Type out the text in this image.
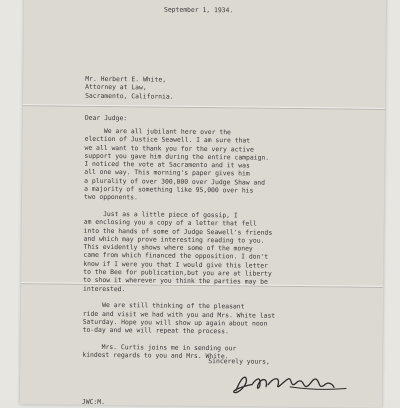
September 1, 1934.

Mr. Herbert E. White,
Attorney at Law,
Sacramento, California.

Dear Judge:

We are all jubilant here over the
election of Justice Seawell. I am sure that
we all want to thank you for the very active
support you gave him during the entire campaign.
I noticed the vote at Sacramento and it was
all one way. This morning's paper gives him
a plurality of over 300,000 over Judge Shaw and
a majority of something like 95,000 over his
two opponents.
Just as a little piece of gossip, I
am enclosing you a copy of a letter that fell
into the hands of some of Judge Seawell's friends
and which may prove interesting reading to you.
This evidently shows where some of the money
came from which financed the opposition. I don't
know if I were you that I would give this letter
to the Bee for publication,but you are at liberty
to show it wherever you think the parties may be
interested.
We are still thinking of the pleasant
ride and visit we had with you and Mrs. White last
Saturday. Hope you will show up again about noon
to-day and we will repeat the process.
Mrs. Curtis joins me in sending our
kindest regards to you and Mrs. White.

Sincerely yours,

JWC:M.
